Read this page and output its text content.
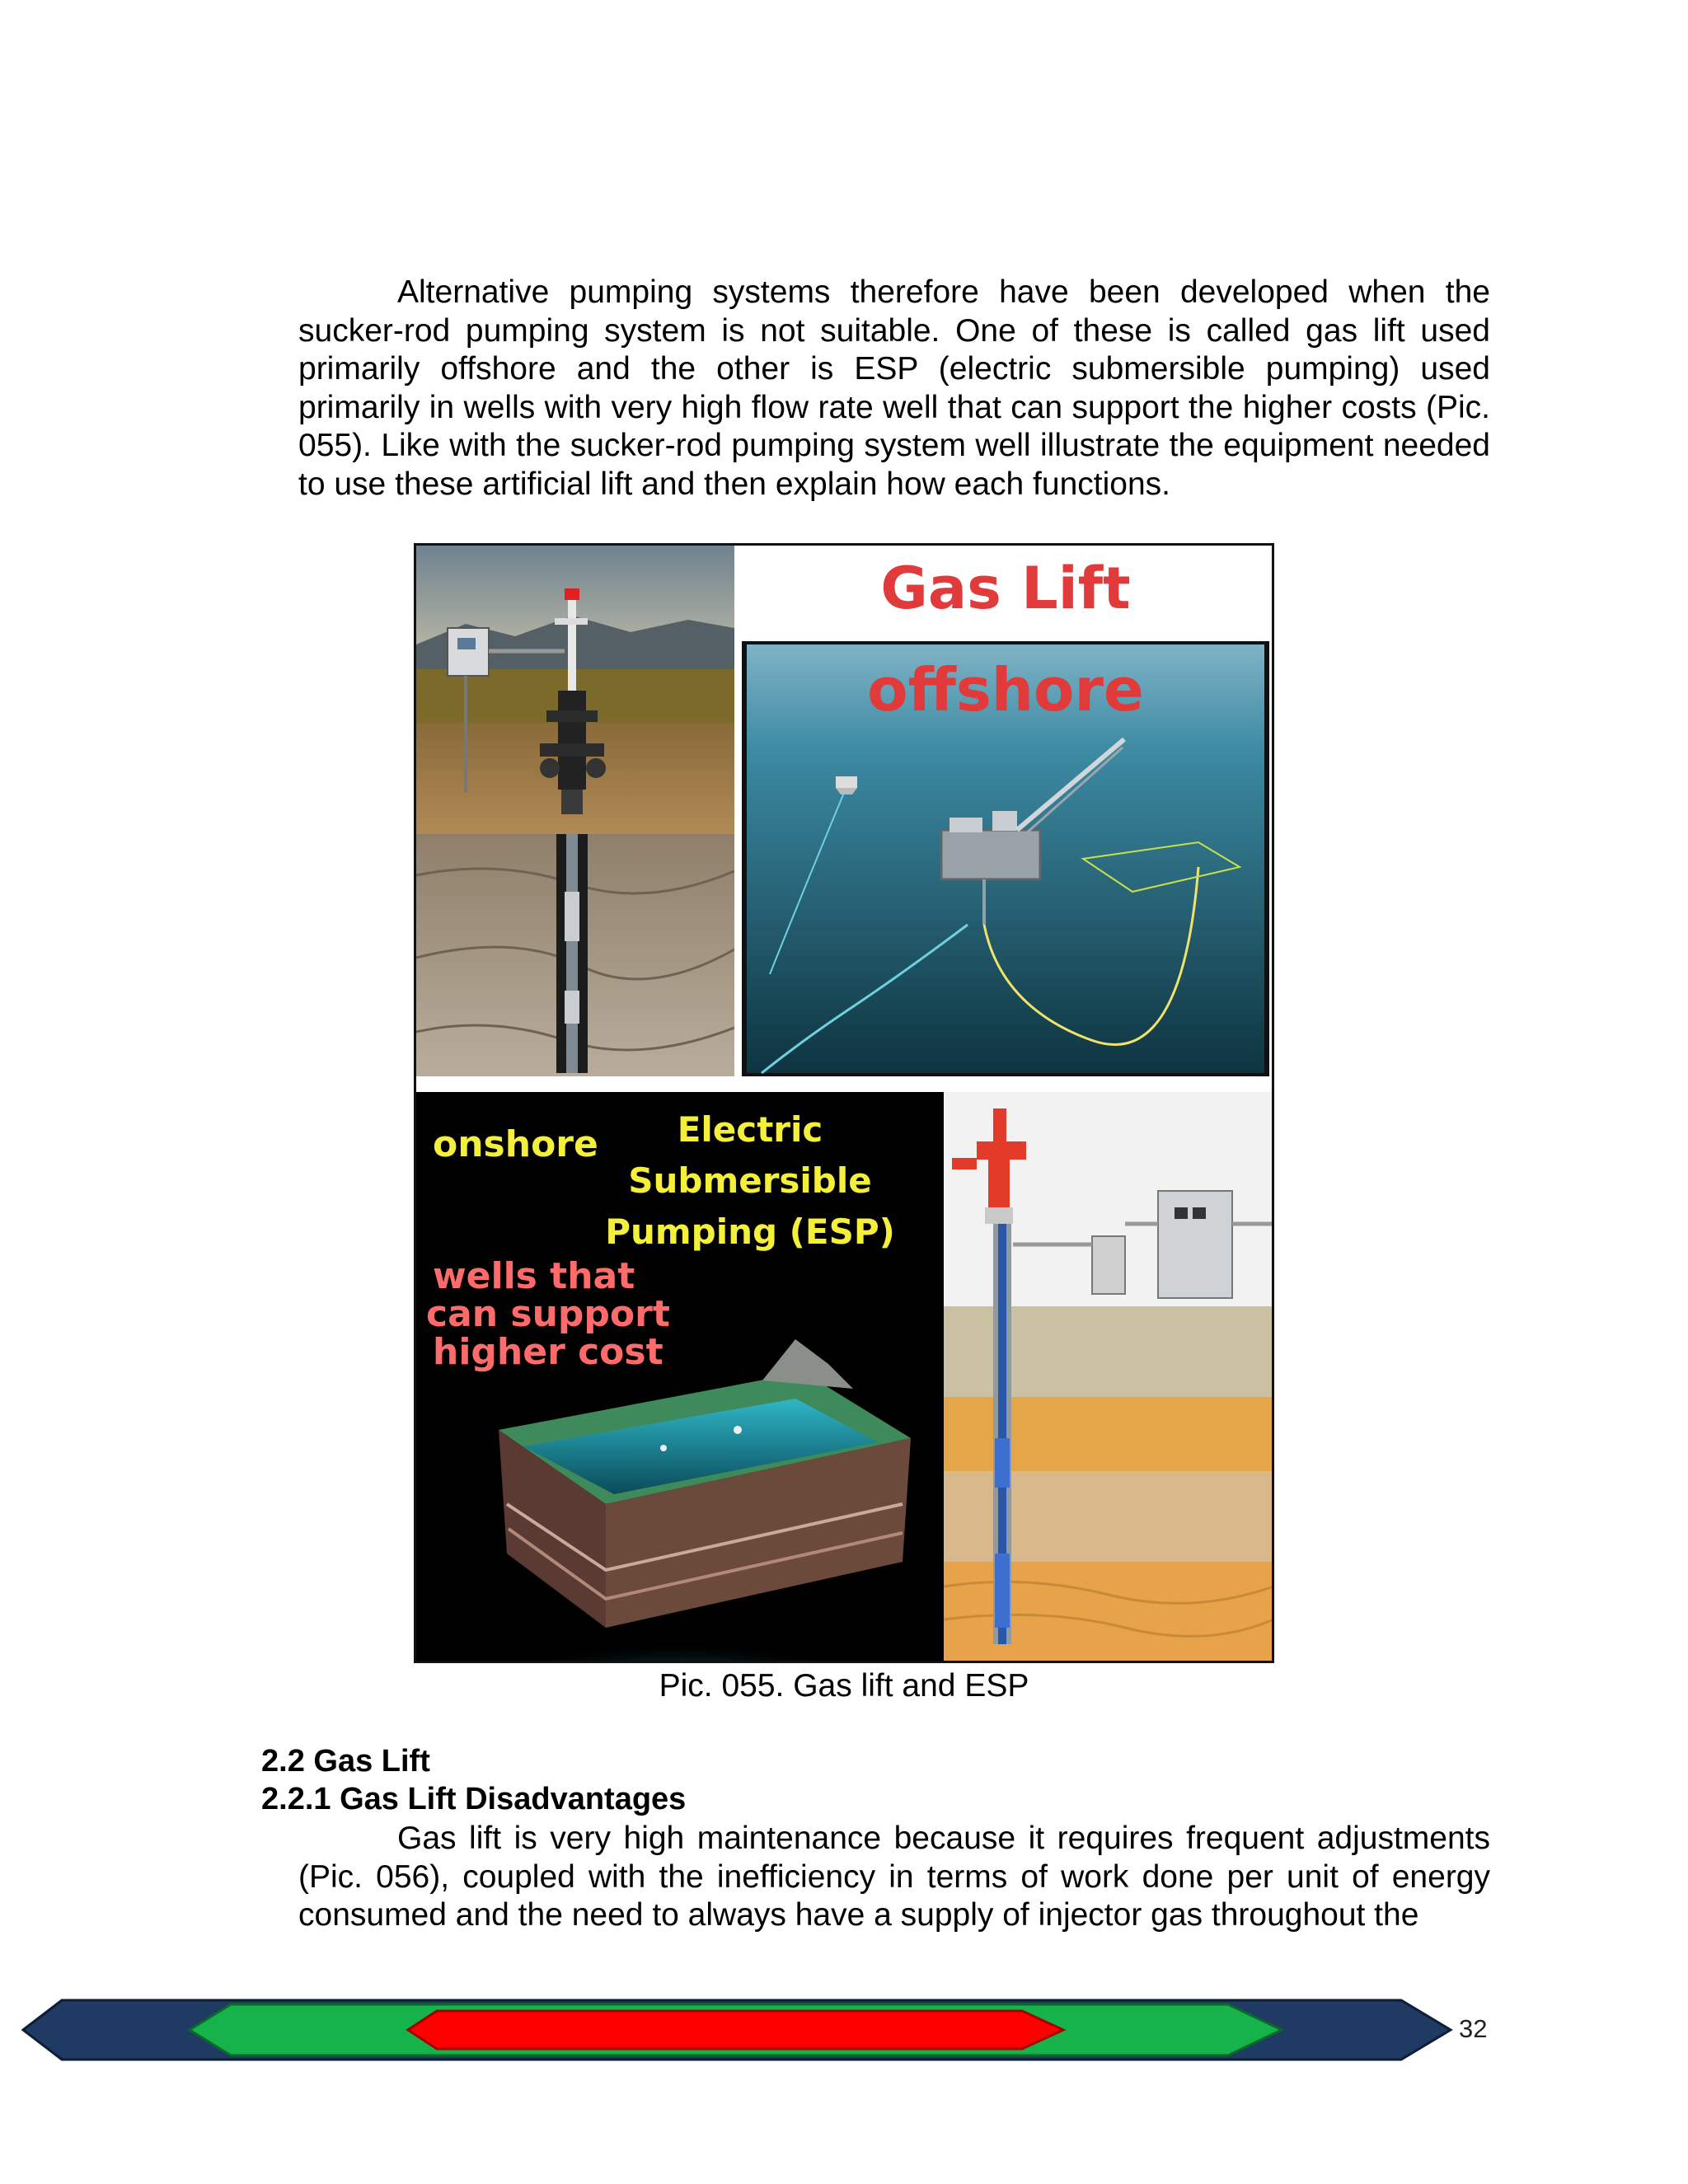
Alternative pumping systems therefore have been developed when the sucker-rod pumping system is not suitable. One of these is called gas lift used primarily offshore and the other is ESP (electric submersible pumping) used primarily in wells with very high flow rate well that can support the higher costs (Pic. 055). Like with the sucker-rod pumping system well illustrate the equipment needed to use these artificial lift and then explain how each functions.

Gas Lift
offshore
onshore Electric
Submersible
Pumping (ESP)
wells that
can support
higher cost
Pic. 055. Gas lift and ESP
2.2 Gas Lift
2.2.1 Gas Lift Disadvantages

Gas lift is very high maintenance because it requires frequent adjustments (Pic. 056), coupled with the inefficiency in terms of work done per unit of energy consumed and the need to always have a supply of injector gas throughout the

32
